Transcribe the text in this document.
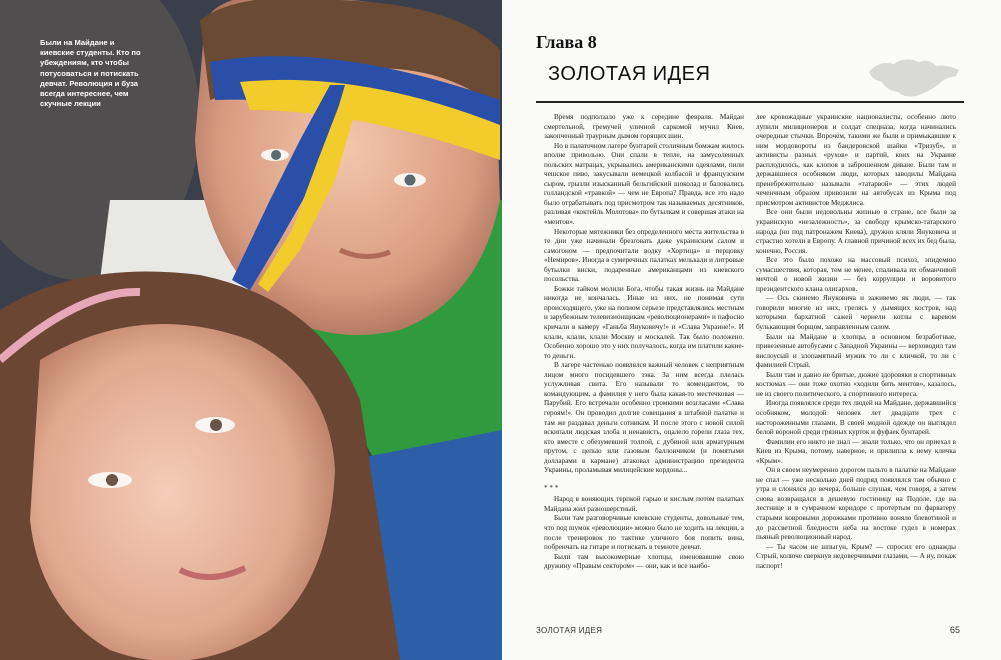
Были на Майдане и киевские студенты. Кто по убеждениям, кто чтобы потусоваться и потискать девчат. Революция и буза всегда интереснее, чем скучные лекции
Глава 8
ЗОЛОТАЯ ИДЕЯ

Время подползало уже к середине февраля. Майдан смертельной, гремучей уличной саркомой мучил Киев, закопченный траурным дымом горящих шин.

Но в палаточном лагере бунтарей столичным бомжам жилось вполне привольно. Они спали в тепле, на замусоленных польских матрацах, укрывались американскими одеялами, пили чешское пиво, закусывали немецкой колбасой и французским сыром, грызли изысканный бельгийский шоколад и баловались голландской «травкой» — чем не Европа? Правда, все это надо было отрабатывать под присмотром так называемых десятников, разливая «коктейль Молотова» по бутылкам и совершая атаки на «ментов».

Некоторые мятежники без определенного места жительства в те дни уже начинали брезговать даже украинским салом и самогоном — предпочитали водку «Хортица» и перцовку «Немиров». Иногда в сумеречных палатках мелькали и литровые бутылки виски, подаренные американцами из киевского посольства.

Божки тайком молили Бога, чтобы такая жизнь на Майдане никогда не кончалась. Иные из них, не понимая сути происходящего, уже на полном серьезе представлялись местным и зарубежным телевизионщикам «революционерами» и пафосно кричали в камеру «Ганьба Януковичу!» и «Слава Украине!». И клали, клали, клали Москву и москалей. Так было положено. Особенно хорошо это у них получалось, когда им платили какие-то деньги.

В лагере частенько появлялся важный человек с неприятным лицом много посидевшего зэка. За ним всегда плелась услужливая свита. Его называли то комендантом, то командующим, а фамилия у него была какая-то местечковая — Парубий. Его встречали особенно громкими возгласами «Слава героям!». Он проводил долгие совещания в штабной палатке и там же раздавал деньги сотникам. И после этого с новой силой вскипали людская злоба и ненависть, оцалело горели глаза тех, кто вместе с обезумевшей толпой, с дубиной или арматурным прутом, с цепью или газовым баллончиком (и помятыми долларами в кармане) атаковал администрацию президента Украины, проламывая милицейские кордоны...

* * *

Народ в воняющих терпкой гарью и кислым потом палатках Майдана жил разношерстный.

Были там разговорчивые киевские студенты, довольные тем, что под шумок «революции» можно было не ходить на лекции, а после тренировок по тактике уличного боя попить вина, побренчать на гитаре и потискать в темноте девчат.

Были там высокомерные хлопцы, именовавшие свою дружину «Правым сектором» — они, как и все наибо-

лее кровожадные украинские националисты, особенно люто лупили милиционеров и солдат спецназа, когда начинались очередные стычки. Впрочем, такими же были и примыкавшие к ним мордовороты из бандеровской шайки «Тризуб», и активисты разных «рухов» и партий, коих на Украине расплодилось, как клопов в заброшенном диване. Были там и державшиеся особняком люди, которых заводилы Майдана пренебрежительно называли «татарвой» — этих людей чеченчным образом привозили на автобусах из Крыма под присмотром активистов Меджлиса.

Все они были недовольны жизнью в стране, все были за украинскую «незалежность», за свободу крымско-татарского народа (но под патронажем Киева), дружно кляли Януковича и страстно хотели в Европу. А главной причиной всех их бед была, конечно, Россия.

Все это было похоже на массовый психоз, эпидемию сумасшествия, которая, тем не менее, спаливала их обманчивой мечтой о новой жизни — без коррупции и воровитого президентского клана олигархов.

— Ось скинемо Януковича и заживемо як люди, — так говорили многие из них, грелясь у дымящих костров, над которыми бархатной сажей чернели котлы с варевом булькающим борщом, заправленным салом.

Были на Майдане и хлопцы, в основном безработные, привезенные автобусами с Западной Украины — верховодил там вислоусый и злопамятный мужик то ли с кличкой, то ли с фамилией Стрый.

Были там и давно не бритые, дюжие здоровяки в спортивных костюмах — они тоже охотно «ходили бить ментов», казалось, не из своего политического, а спортивного интереса.

Иногда появлялся среди тех людей на Майдане, державшийся особняком, молодой человек лет двадцати трех с настороженными глазами. В своей модной одежде он выглядел белой вороной среди грязных курток и фуфаек бунтарей.

Фамилии его никто не знал — знали только, что он приехал в Киев из Крыма, потому, наверное, и прилипла к нему кличка «Крым».

Он в своем неумеренно дорогом пальто в палатке на Майдане не спал — уже несколько дней подряд появлялся там обычно с утра и слонялся до вечера, больше слушая, чем говоря, а затем снова возвращался в дешевую гостиницу на Подоле, где на лестнице и в сумрачном коридоре с протертым по фарватеру старыми ковровыми дорожками противно воняло блевотиной и до рассветной бледности неба на востоке гудел в номерах пьяный революционный народ.

— Ты часом не шпыгун, Крым? — спросил его однажды Стрый, колюче сверкнув недоверчивыми глазами, — А ну, покаж паспорт!

ЗОЛОТАЯ ИДЕЯ	65
